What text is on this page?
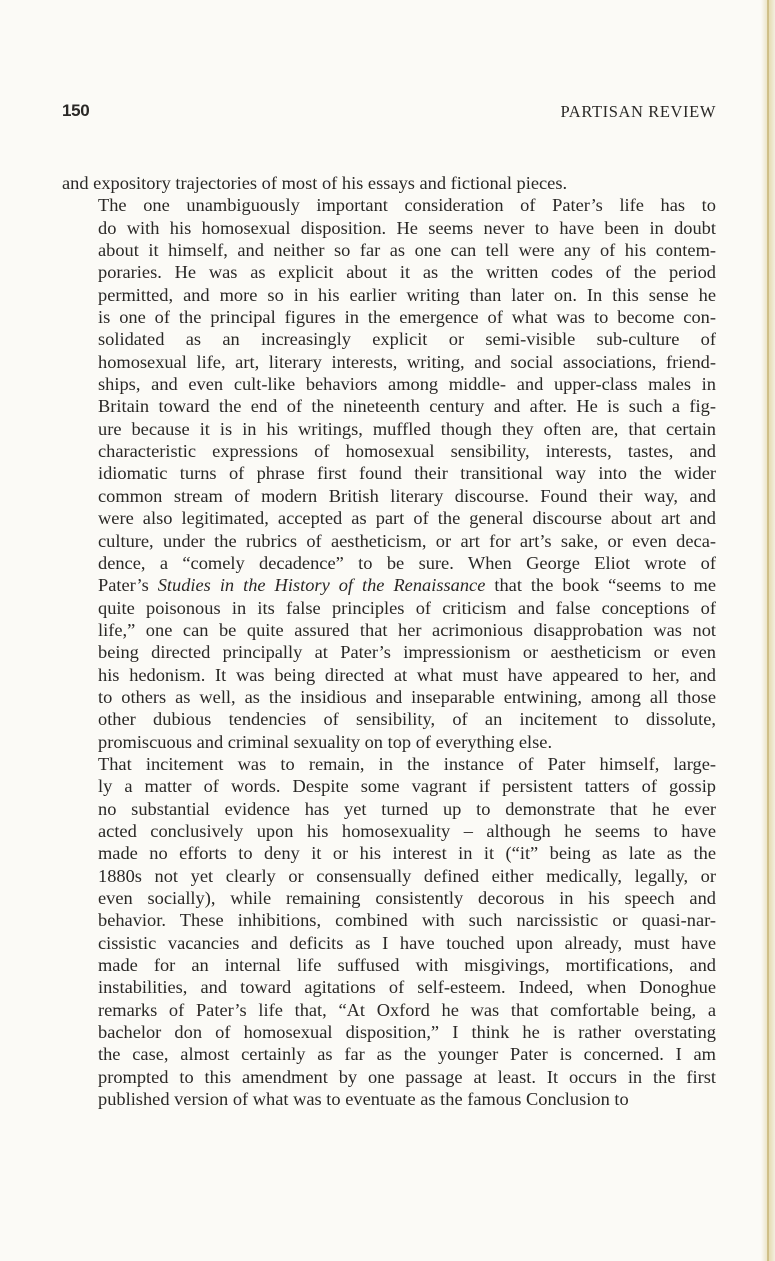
150	PARTISAN REVIEW

and expository trajectories of most of his essays and fictional pieces.

The one unambiguously important consideration of Pater’s life has to
do with his homosexual disposition. He seems never to have been in doubt
about it himself, and neither so far as one can tell were any of his contem-
poraries. He was as explicit about it as the written codes of the period
permitted, and more so in his earlier writing than later on. In this sense he
is one of the principal figures in the emergence of what was to become con-
solidated as an increasingly explicit or semi-visible sub-culture of
homosexual life, art, literary interests, writing, and social associations, friend-
ships, and even cult-like behaviors among middle- and upper-class males in
Britain toward the end of the nineteenth century and after. He is such a fig-
ure because it is in his writings, muffled though they often are, that certain
characteristic expressions of homosexual sensibility, interests, tastes, and
idiomatic turns of phrase first found their transitional way into the wider
common stream of modern British literary discourse. Found their way, and
were also legitimated, accepted as part of the general discourse about art and
culture, under the rubrics of aestheticism, or art for art’s sake, or even deca-
dence, a “comely decadence” to be sure. When George Eliot wrote of
Pater’s Studies in the History of the Renaissance that the book “seems to me
quite poisonous in its false principles of criticism and false conceptions of
life,” one can be quite assured that her acrimonious disapprobation was not
being directed principally at Pater’s impressionism or aestheticism or even
his hedonism. It was being directed at what must have appeared to her, and
to others as well, as the insidious and inseparable entwining, among all those
other dubious tendencies of sensibility, of an incitement to dissolute,
promiscuous and criminal sexuality on top of everything else.

That incitement was to remain, in the instance of Pater himself, large-
ly a matter of words. Despite some vagrant if persistent tatters of gossip
no substantial evidence has yet turned up to demonstrate that he ever
acted conclusively upon his homosexuality – although he seems to have
made no efforts to deny it or his interest in it (“it” being as late as the
1880s not yet clearly or consensually defined either medically, legally, or
even socially), while remaining consistently decorous in his speech and
behavior. These inhibitions, combined with such narcissistic or quasi-nar-
cissistic vacancies and deficits as I have touched upon already, must have
made for an internal life suffused with misgivings, mortifications, and
instabilities, and toward agitations of self-esteem. Indeed, when Donoghue
remarks of Pater’s life that, “At Oxford he was that comfortable being, a
bachelor don of homosexual disposition,” I think he is rather overstating
the case, almost certainly as far as the younger Pater is concerned. I am
prompted to this amendment by one passage at least. It occurs in the first
published version of what was to eventuate as the famous Conclusion to
